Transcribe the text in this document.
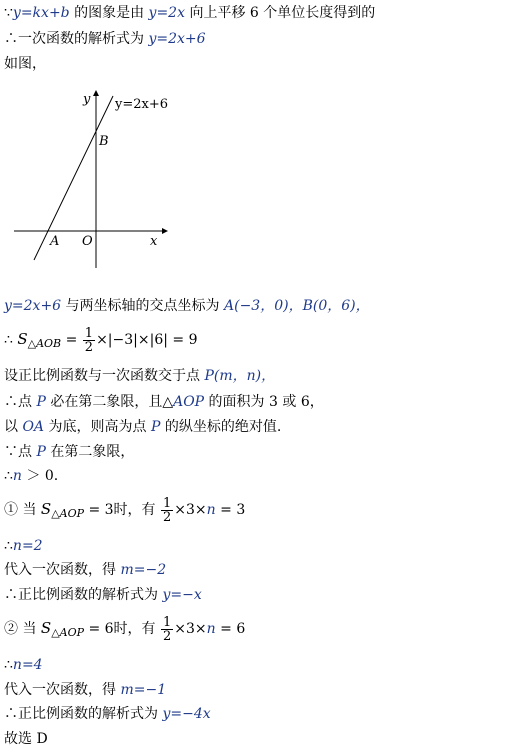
∵y=kx+b 的图象是由 y=2x 向上平移 6 个单位长度得到的
∴一次函数的解析式为 y=2x+6
如图，
y y=2x+6
B
A O	x
y=2x+6 与两坐标轴的交点坐标为 A(−3，0)，B(0，6)，
∴ $S_{\triangle AOB} = \frac{1}{2} \times|-3|\times|6| = 9$
设正比例函数与一次函数交于点 P(m，n)，
∴点 P 必在第二象限，且△AOP 的面积为 3 或 6，
以 OA 为底，则高为点 P 的纵坐标的绝对值.
∵点 P 在第二象限，
∴n ＞ 0.
① 当 $S_{\triangle AOP} = 3$时，有 $\frac{1}{2} \times 3\times n = 3$
∴n=2
代入一次函数，得 m=−2
∴正比例函数的解析式为 y=−x
② 当 $S_{\triangle AOP} = 6$时，有 $\frac{1}{2} \times 3\times n = 6$
∴n=4
代入一次函数，得 m=−1
∴正比例函数的解析式为 y=−4x
故选 D
